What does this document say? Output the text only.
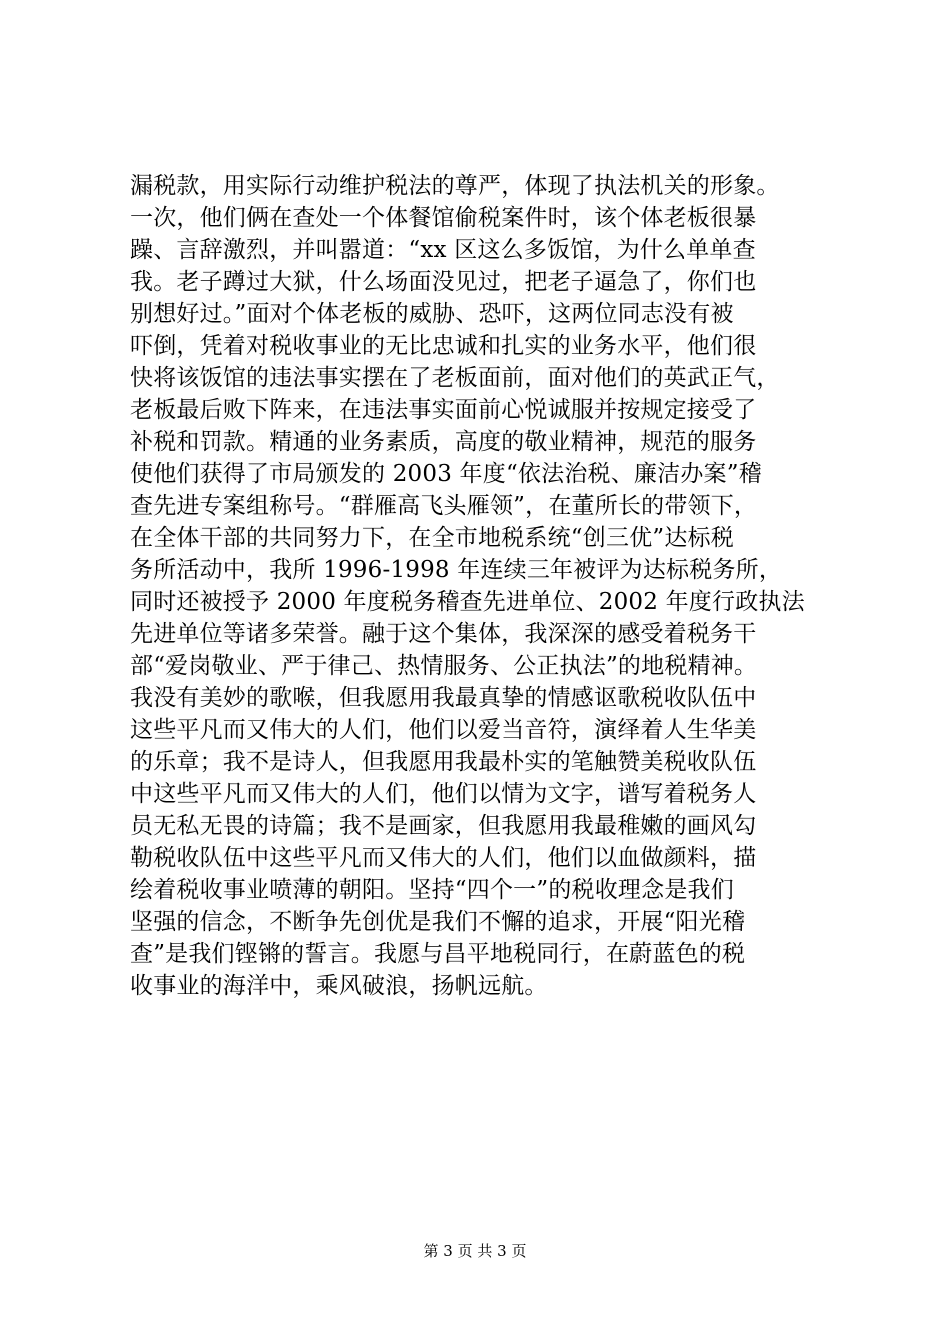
漏税款，用实际行动维护税法的尊严，体现了执法机关的形象。
一次，他们俩在查处一个体餐馆偷税案件时，该个体老板很暴
躁、言辞激烈，并叫嚣道：“xx 区这么多饭馆，为什么单单查
我。老子蹲过大狱，什么场面没见过，把老子逼急了，你们也
别想好过。”面对个体老板的威胁、恐吓，这两位同志没有被
吓倒，凭着对税收事业的无比忠诚和扎实的业务水平，他们很
快将该饭馆的违法事实摆在了老板面前，面对他们的英武正气，
老板最后败下阵来，在违法事实面前心悦诚服并按规定接受了
补税和罚款。精通的业务素质，高度的敬业精神，规范的服务
使他们获得了市局颁发的 2003 年度“依法治税、廉洁办案”稽
查先进专案组称号。“群雁高飞头雁领”，在董所长的带领下，
在全体干部的共同努力下，在全市地税系统“创三优”达标税
务所活动中，我所 1996-1998 年连续三年被评为达标税务所，
同时还被授予 2000 年度税务稽查先进单位、2002 年度行政执法
先进单位等诸多荣誉。融于这个集体，我深深的感受着税务干
部“爱岗敬业、严于律己、热情服务、公正执法”的地税精神。
我没有美妙的歌喉，但我愿用我最真挚的情感讴歌税收队伍中
这些平凡而又伟大的人们，他们以爱当音符，演绎着人生华美
的乐章；我不是诗人，但我愿用我最朴实的笔触赞美税收队伍
中这些平凡而又伟大的人们，他们以情为文字，谱写着税务人
员无私无畏的诗篇；我不是画家，但我愿用我最稚嫩的画风勾
勒税收队伍中这些平凡而又伟大的人们，他们以血做颜料，描
绘着税收事业喷薄的朝阳。坚持“四个一”的税收理念是我们
坚强的信念，不断争先创优是我们不懈的追求，开展“阳光稽
查”是我们铿锵的誓言。我愿与昌平地税同行，在蔚蓝色的税
收事业的海洋中，乘风破浪，扬帆远航。
第 3 页 共 3 页
